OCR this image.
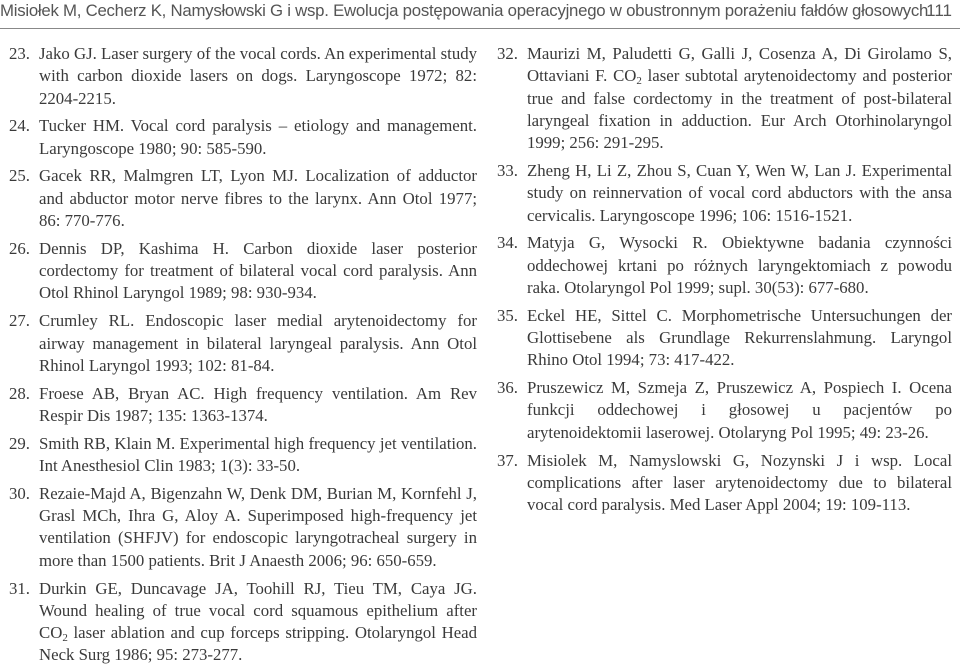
Misiołek M, Cecherz K, Namysłowski G i wsp. Ewolucja postępowania operacyjnego w obustronnym porażeniu fałdów głosowych
111
23. Jako GJ. Laser surgery of the vocal cords. An experimental study with carbon dioxide lasers on dogs. Laryngoscope 1972; 82: 2204-2215.
24. Tucker HM. Vocal cord paralysis – etiology and management. Laryngoscope 1980; 90: 585-590.
25. Gacek RR, Malmgren LT, Lyon MJ. Localization of adductor and abductor motor nerve fibres to the larynx. Ann Otol 1977; 86: 770-776.
26. Dennis DP, Kashima H. Carbon dioxide laser posterior cordectomy for treatment of bilateral vocal cord paralysis. Ann Otol Rhinol Laryngol 1989; 98: 930-934.
27. Crumley RL. Endoscopic laser medial arytenoidectomy for airway management in bilateral laryngeal paralysis. Ann Otol Rhinol Laryngol 1993; 102: 81-84.
28. Froese AB, Bryan AC. High frequency ventilation. Am Rev Respir Dis 1987; 135: 1363-1374.
29. Smith RB, Klain M. Experimental high frequency jet ventilation. Int Anesthesiol Clin 1983; 1(3): 33-50.
30. Rezaie-Majd A, Bigenzahn W, Denk DM, Burian M, Kornfehl J, Grasl MCh, Ihra G, Aloy A. Superimposed high-frequency jet ventilation (SHFJV) for endoscopic laryngotracheal surgery in more than 1500 patients. Brit J Anaesth 2006; 96: 650-659.
31. Durkin GE, Duncavage JA, Toohill RJ, Tieu TM, Caya JG. Wound healing of true vocal cord squamous epithelium after $CO_2$ laser ablation and cup forceps stripping. Otolaryngol Head Neck Surg 1986; 95: 273-277.
32. Maurizi M, Paludetti G, Galli J, Cosenza A, Di Girolamo S, Ottaviani F. $CO_2$ laser subtotal arytenoidectomy and posterior true and false cordectomy in the treatment of post-bilateral laryngeal fixation in adduction. Eur Arch Otorhinolaryngol 1999; 256: 291-295.
33. Zheng H, Li Z, Zhou S, Cuan Y, Wen W, Lan J. Experimental study on reinnervation of vocal cord abductors with the ansa cervicalis. Laryngoscope 1996; 106: 1516-1521.
34. Matyja G, Wysocki R. Obiektywne badania czynności oddechowej krtani po różnych laryngektomiach z powodu raka. Otolaryngol Pol 1999; supl. 30(53): 677-680.
35. Eckel HE, Sittel C. Morphometrische Untersuchungen der Glottisebene als Grundlage Rekurrenslahmung. Laryngol Rhino Otol 1994; 73: 417-422.
36. Pruszewicz M, Szmeja Z, Pruszewicz A, Pospiech I. Ocena funkcji oddechowej i głosowej u pacjentów po arytenoidektomii laserowej. Otolaryng Pol 1995; 49: 23-26.
37. Misiolek M, Namyslowski G, Nozynski J i wsp. Local complications after laser arytenoidectomy due to bilateral vocal cord paralysis. Med Laser Appl 2004; 19: 109-113.
